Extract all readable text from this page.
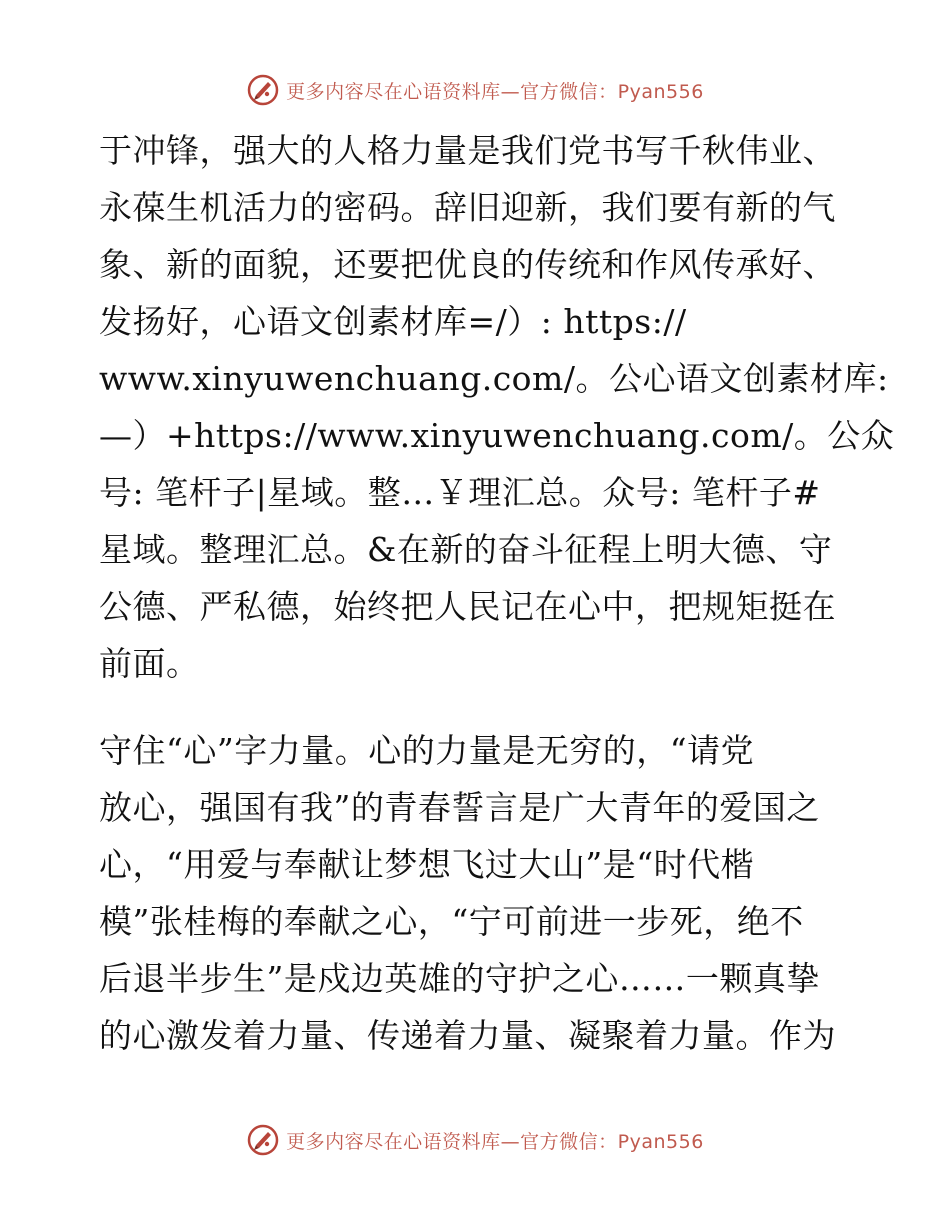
更多内容尽在心语资料库—官方微信：Pyan556
于冲锋，强大的人格力量是我们党书写千秋伟业、
永葆生机活力的密码。辞旧迎新，我们要有新的气
象、新的面貌，还要把优良的传统和作风传承好、
发扬好，心语文创素材库=/）: https://
www.xinyuwenchuang.com/。公心语文创素材库:
—）+https://www.xinyuwenchuang.com/。公众
号: 笔杆子|星域。整…￥理汇总。众号: 笔杆子#
星域。整理汇总。&在新的奋斗征程上明大德、守
公德、严私德，始终把人民记在心中，把规矩挺在
前面。
守住“心”字力量。心的力量是无穷的，“请党
放心，强国有我”的青春誓言是广大青年的爱国之
心，“用爱与奉献让梦想飞过大山”是“时代楷
模”张桂梅的奉献之心，“宁可前进一步死，绝不
后退半步生”是戍边英雄的守护之心……一颗真挚
的心激发着力量、传递着力量、凝聚着力量。作为
更多内容尽在心语资料库—官方微信：Pyan556
